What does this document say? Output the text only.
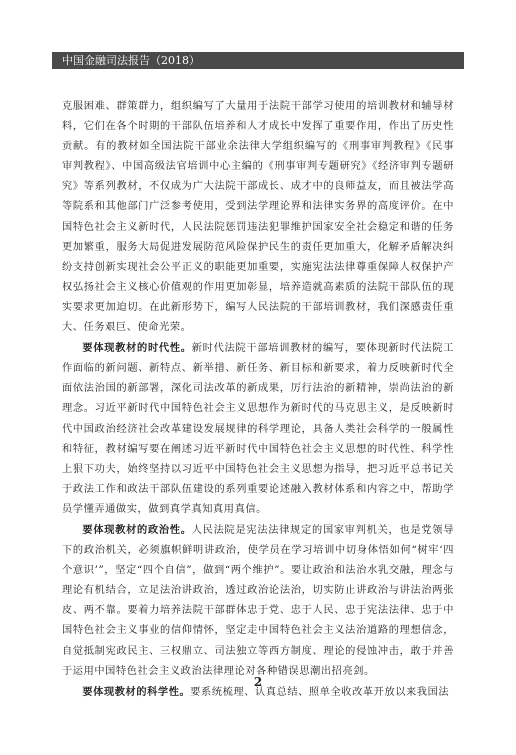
中国金融司法报告（2018）

克服困难、群策群力，组织编写了大量用于法院干部学习使用的培训教材和辅导材料，它们在各个时期的干部队伍培养和人才成长中发挥了重要作用，作出了历史性贡献。有的教材如全国法院干部业余法律大学组织编写的《刑事审判教程》《民事审判教程》、中国高级法官培训中心主编的《刑事审判专题研究》《经济审判专题研究》等系列教材，不仅成为广大法院干部成长、成才中的良师益友，而且被法学高等院系和其他部门广泛参考使用，受到法学理论界和法律实务界的高度评价。在中国特色社会主义新时代，人民法院惩罚违法犯罪维护国家安全社会稳定和谐的任务更加繁重，服务大局促进发展防范风险保护民生的责任更加重大，化解矛盾解决纠纷支持创新实现社会公平正义的职能更加重要，实施宪法法律尊重保障人权保护产权弘扬社会主义核心价值观的作用更加彰显，培养造就高素质的法院干部队伍的现实要求更加迫切。在此新形势下，编写人民法院的干部培训教材，我们深感责任重大、任务艰巨、使命光荣。

要体现教材的时代性。新时代法院干部培训教材的编写，要体现新时代法院工作面临的新问题、新特点、新举措、新任务、新目标和新要求，着力反映新时代全面依法治国的新部署，深化司法改革的新成果，厉行法治的新精神，崇尚法治的新理念。习近平新时代中国特色社会主义思想作为新时代的马克思主义，是反映新时代中国政治经济社会改革建设发展规律的科学理论，具备人类社会科学的一般属性和特征，教材编写要在阐述习近平新时代中国特色社会主义思想的时代性、科学性上狠下功夫，始终坚持以习近平中国特色社会主义思想为指导，把习近平总书记关于政法工作和政法干部队伍建设的系列重要论述融入教材体系和内容之中，帮助学员学懂弄通做实，做到真学真知真用真信。

要体现教材的政治性。人民法院是宪法法律规定的国家审判机关，也是党领导下的政治机关，必须旗帜鲜明讲政治，使学员在学习培训中切身体悟如何“树牢‘四个意识’”，坚定“四个自信”，做到“两个维护”。要让政治和法治水乳交融，理念与理论有机结合，立足法治讲政治，透过政治论法治，切实防止讲政治与讲法治两张皮、两不靠。要着力培养法院干部群体忠于党、忠于人民、忠于宪法法律、忠于中国特色社会主义事业的信仰情怀，坚定走中国特色社会主义法治道路的理想信念，自觉抵制宪政民主、三权鼎立、司法独立等西方制度、理论的侵蚀冲击，敢于并善于运用中国特色社会主义政治法律理论对各种错误思潮出招亮剑。

要体现教材的科学性。要系统梳理、认真总结、照单全收改革开放以来我国法

2
